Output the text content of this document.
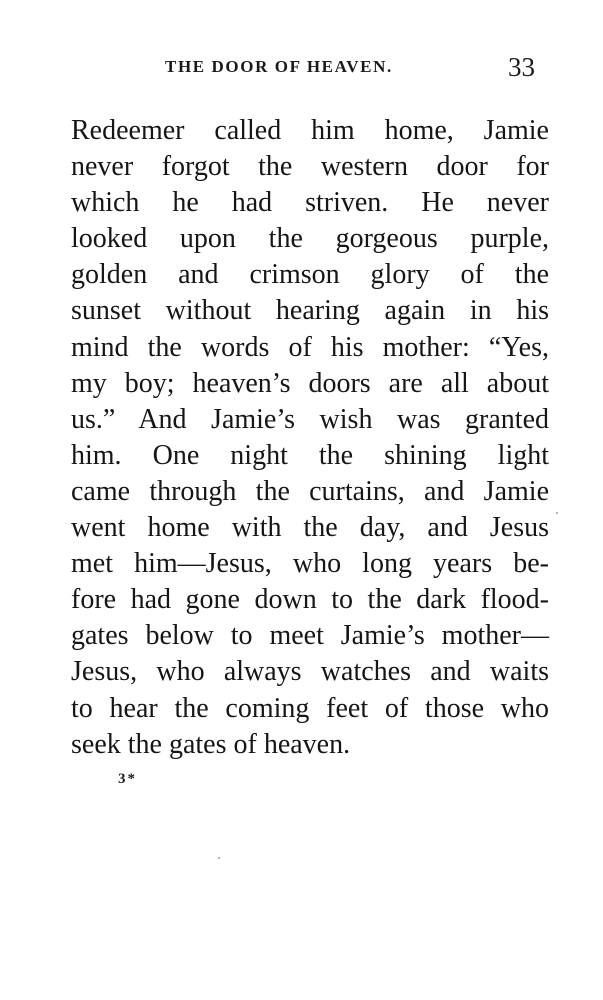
THE DOOR OF HEAVEN.	33
Redeemer called him home, Jamie
never forgot the western door for
which he had striven. He never
looked upon the gorgeous purple,
golden and crimson glory of the
sunset without hearing again in his
mind the words of his mother: “Yes,
my boy; heaven’s doors are all about
us.” And Jamie’s wish was granted
him. One night the shining light
came through the curtains, and Jamie
went home with the day, and Jesus
met him—Jesus, who long years be-
fore had gone down to the dark flood-
gates below to meet Jamie’s mother—
Jesus, who always watches and waits
to hear the coming feet of those who
seek the gates of heaven.
3*
